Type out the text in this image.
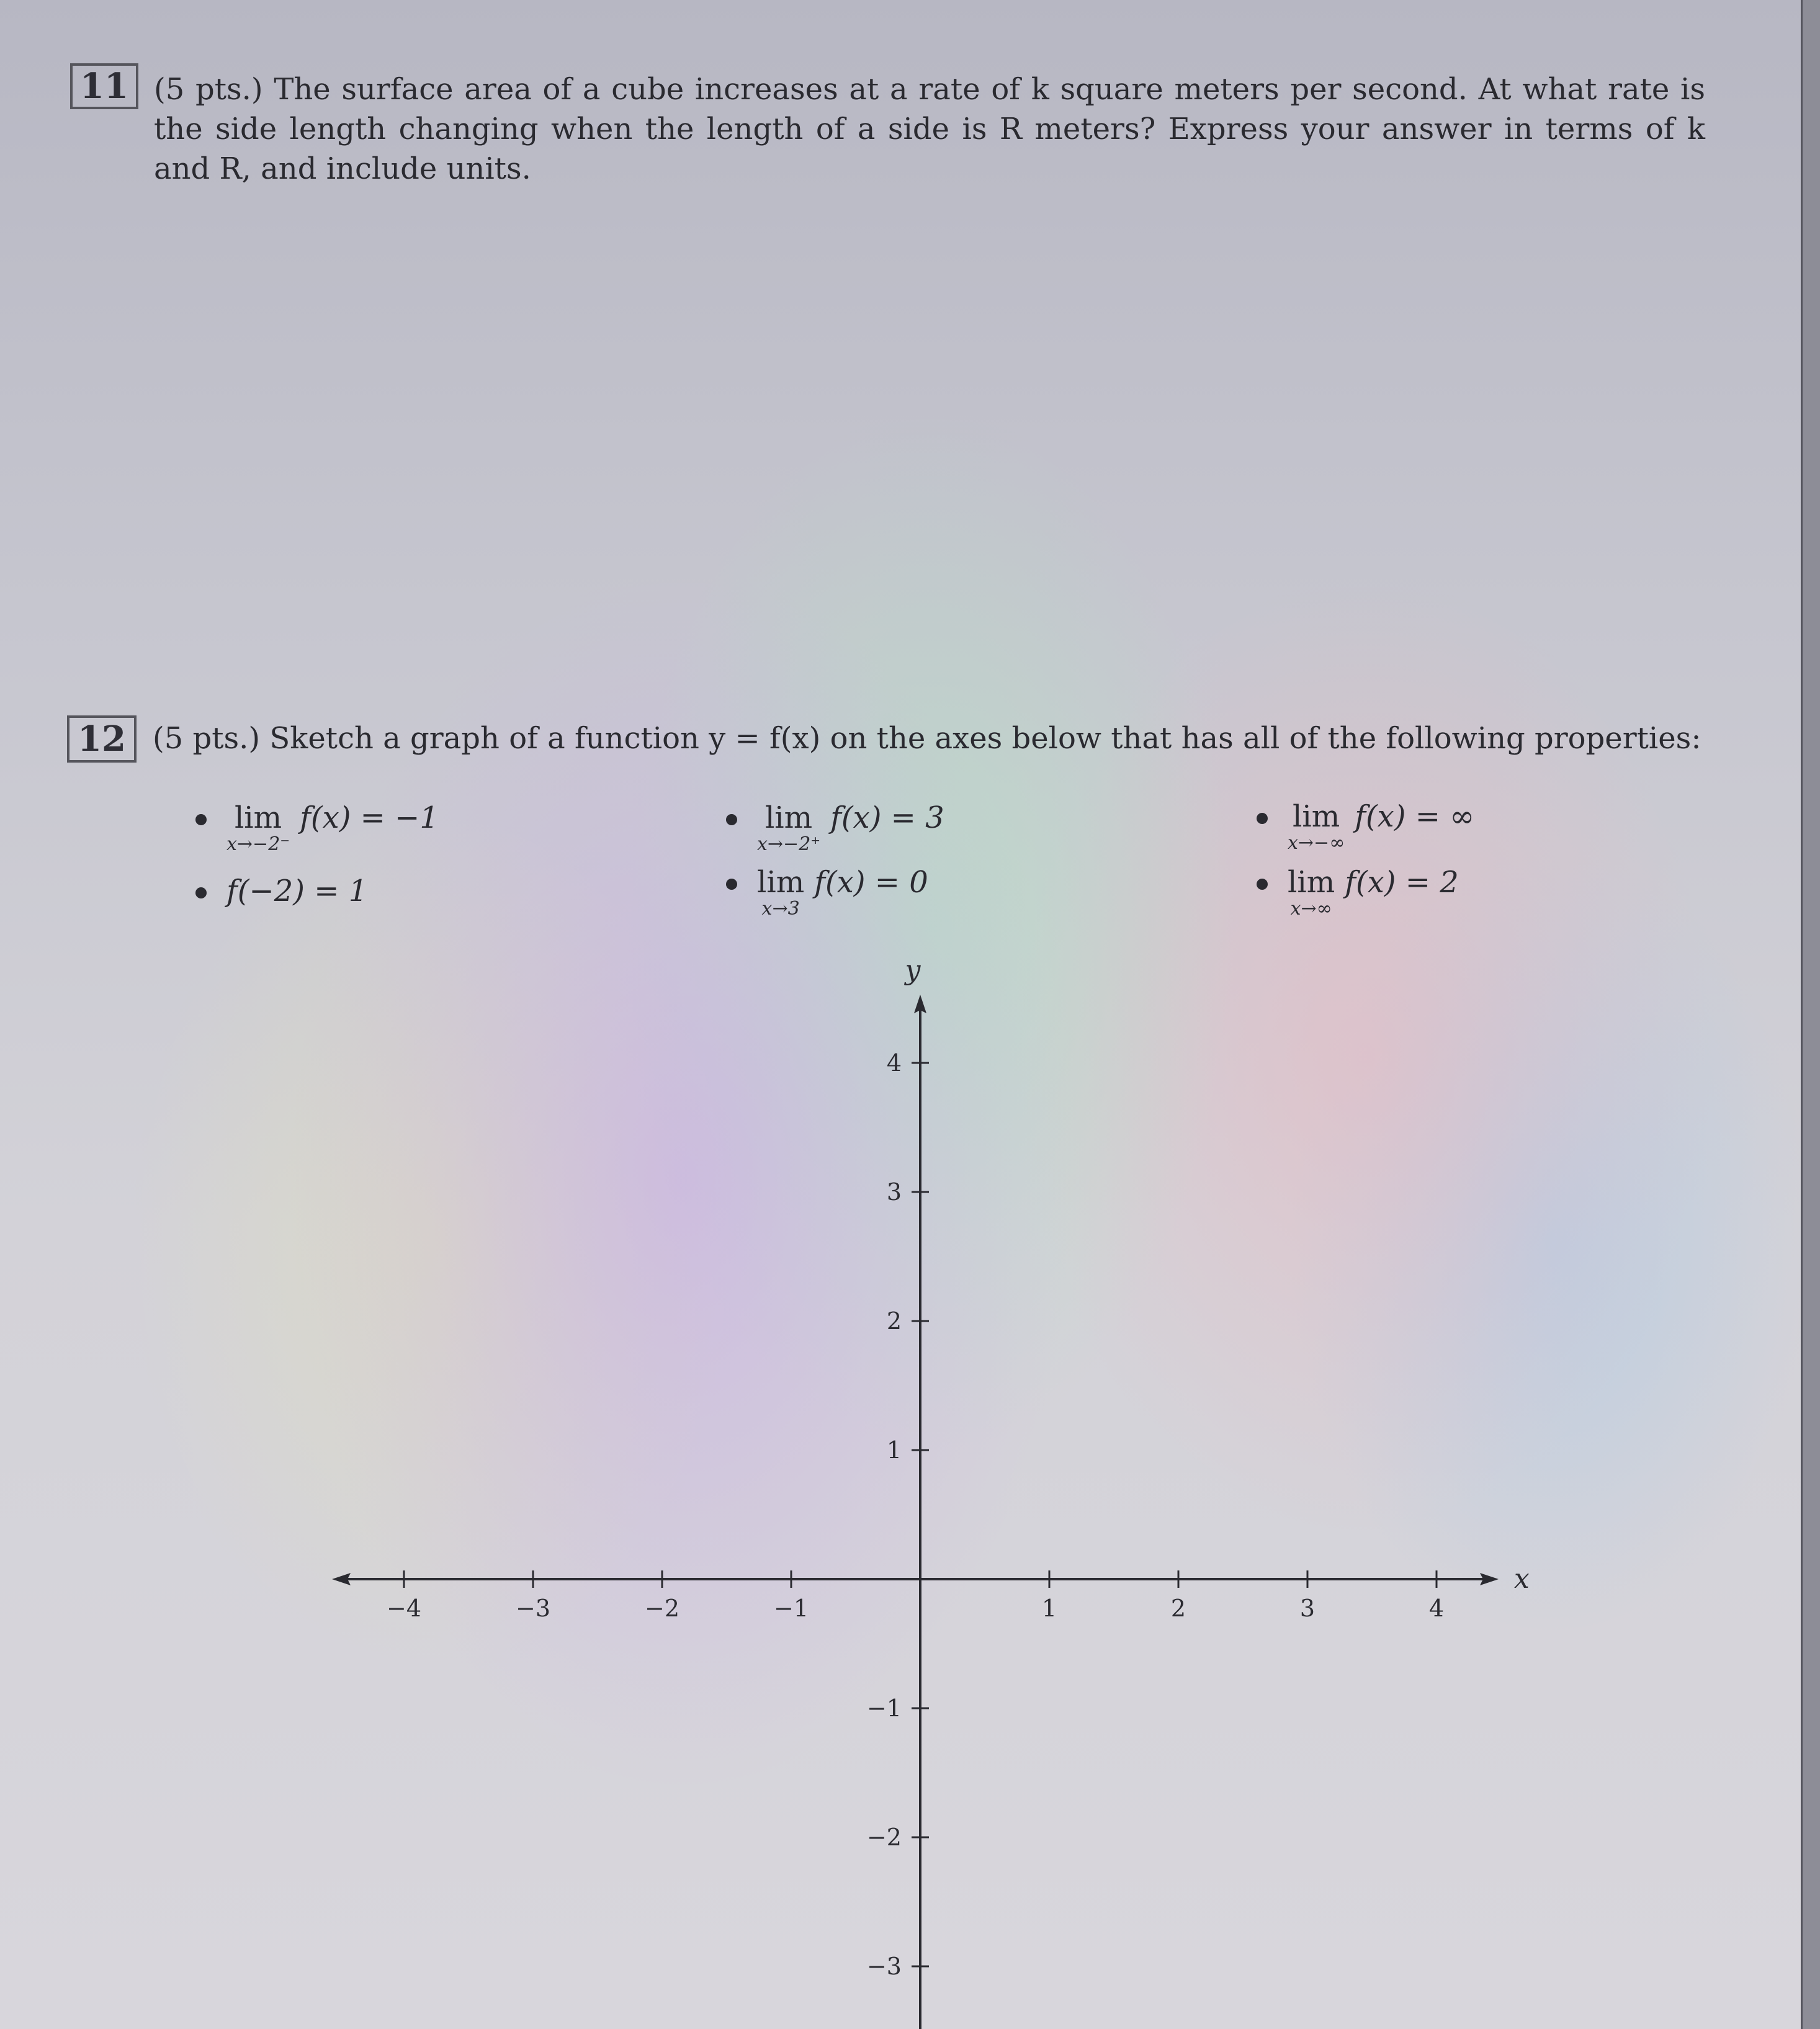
11 (5 pts.) The surface area of a cube increases at a rate of k square meters per second. At what rate is the side length changing when the length of a side is R meters? Express your answer in terms of k and R, and include units.
12 (5 pts.) Sketch a graph of a function y = f(x) on the axes below that has all of the following properties:
lim
x→−2⁻
f(x) = −1
f(−2) = 1
lim
x→−2⁺
f(x) = 3
lim
x→3
f(x) = 0
lim
x→−∞
f(x) = ∞
lim
x→∞
f(x) = 2
x
y
−4	−3	−2	−1	1	2	3	4
4
3
2
1
−1
−2
−3
